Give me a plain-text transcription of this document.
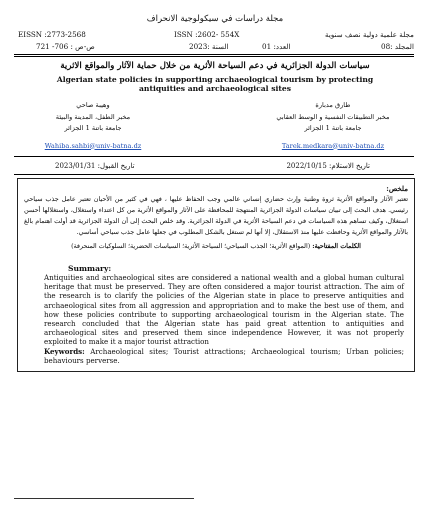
مجلة دراسات في سيكولوجية الانحراف
EISSN :2773-2568	ISSN :2602- 554X	مجلة علمية دولية نصف سنوية
ص-ص : 706- 721	السنة :2023	العدد: 01	المجلد :08
سياسات الدولة الجزائرية في دعم السياحة الأثرية من خلال حماية الآثار والمواقع الاثرية
Algerian state policies in supporting archaeological tourism by protecting antiquities and archaeological sites
طارق مدبارة
مخبر التطبيقات النفسية و الوسط العقابي
جامعة باتنة 1 الجزائر
Tarek.medkara@univ-batna.dz
وهيبة صاحي
مخبر الطفل، المدينة والبيئة
جامعة باتنة 1 الجزائر
Wahiba.sahbi@univ-batna.dz
تاريخ الاستلام: 2022/10/15
تاريخ القبول: 2023/01/31
ملخص:
تعتبر الآثار والمواقع الأثرية ثروة وطنية وإرث حضاري إنساني عالمي وجب الحفاظ عليها ، فهي في كثير من الأحيان تعتبر عامل جذب سياحي رئيسي. هدف البحث إلى تبيان سياسات الدولة الجزائرية المنتهجة للمحافظة على الآثار والمواقع الأثرية من كل اعتداء واستغلال، واستغلالها أحسن استغلال، وكيف تساهم هذه السياسات في دعم السياحة الأثرية في الدولة الجزائرية. وقد خلص البحث إلى أن الدولة الجزائرية قد أولت اهتمام بالغ بالآثار والمواقع الأثرية وحافظت عليها منذ الاستقلال، إلا أنها لم تستغل بالشكل المطلوب في جعلها عامل جذب سياحي أساسي.
الكلمات المفتاحية: (المواقع الأثرية؛ الجذب السياحي؛ السياحة الأثرية؛ السياسات الحضرية؛ السلوكيات المنحرفة)
Summary:
Antiquities and archaeological sites are considered a national wealth and a global human cultural heritage that must be preserved. They are often considered a major tourist attraction. The aim of the research is to clarify the policies of the Algerian state in place to preserve antiquities and archaeological sites from all aggression and appropriation and to make the best use of them, and how these policies contribute to supporting archaeological tourism in the Algerian state. The research concluded that the Algerian state has paid great attention to antiquities and archaeological sites and preserved them since independence However, it was not properly exploited to make it a major tourist attraction
Keywords: Archaeological sites; Tourist attractions; Archaeological tourism; Urban policies; behaviours perverse.
